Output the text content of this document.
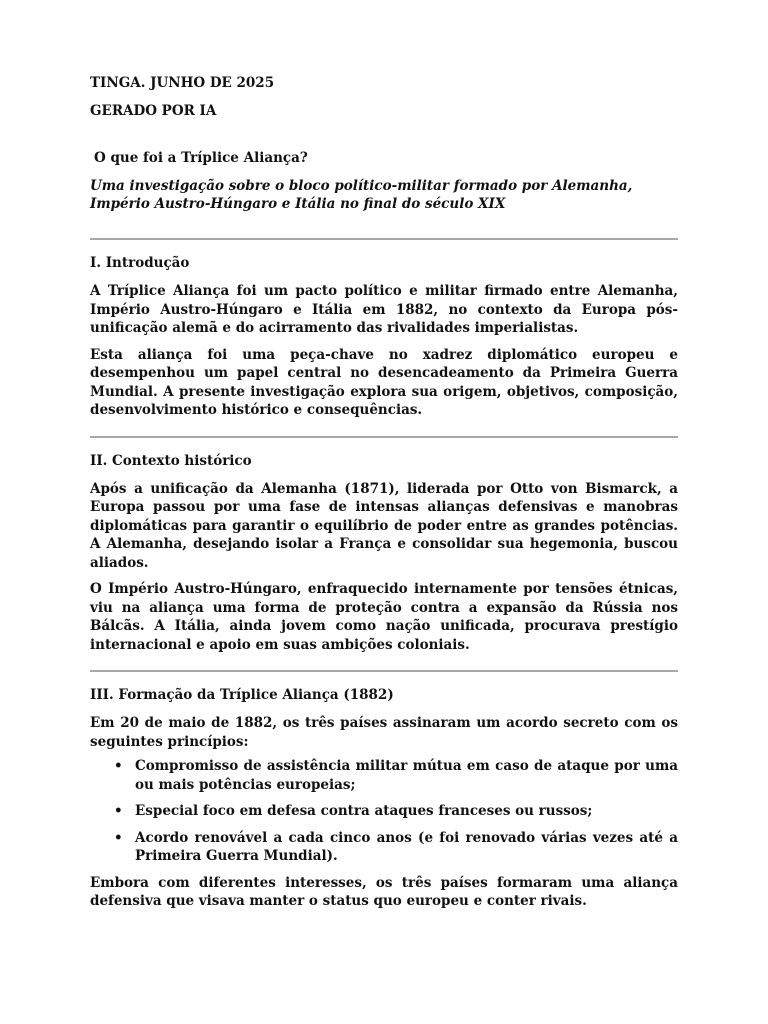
TINGA. JUNHO DE 2025

GERADO POR IA

O que foi a Tríplice Aliança?

Uma investigação sobre o bloco político-militar formado por Alemanha, Império Austro-Húngaro e Itália no final do século XIX

I. Introdução

A Tríplice Aliança foi um pacto político e militar firmado entre Alemanha, Império Austro-Húngaro e Itália em 1882, no contexto da Europa pós-unificação alemã e do acirramento das rivalidades imperialistas.

Esta aliança foi uma peça-chave no xadrez diplomático europeu e desempenhou um papel central no desencadeamento da Primeira Guerra Mundial. A presente investigação explora sua origem, objetivos, composição, desenvolvimento histórico e consequências.

II. Contexto histórico

Após a unificação da Alemanha (1871), liderada por Otto von Bismarck, a Europa passou por uma fase de intensas alianças defensivas e manobras diplomáticas para garantir o equilíbrio de poder entre as grandes potências. A Alemanha, desejando isolar a França e consolidar sua hegemonia, buscou aliados.

O Império Austro-Húngaro, enfraquecido internamente por tensões étnicas, viu na aliança uma forma de proteção contra a expansão da Rússia nos Bálcãs. A Itália, ainda jovem como nação unificada, procurava prestígio internacional e apoio em suas ambições coloniais.

III. Formação da Tríplice Aliança (1882)

Em 20 de maio de 1882, os três países assinaram um acordo secreto com os seguintes princípios:

• Compromisso de assistência militar mútua em caso de ataque por uma ou mais potências europeias;
• Especial foco em defesa contra ataques franceses ou russos;
• Acordo renovável a cada cinco anos (e foi renovado várias vezes até a Primeira Guerra Mundial).

Embora com diferentes interesses, os três países formaram uma aliança defensiva que visava manter o status quo europeu e conter rivais.
